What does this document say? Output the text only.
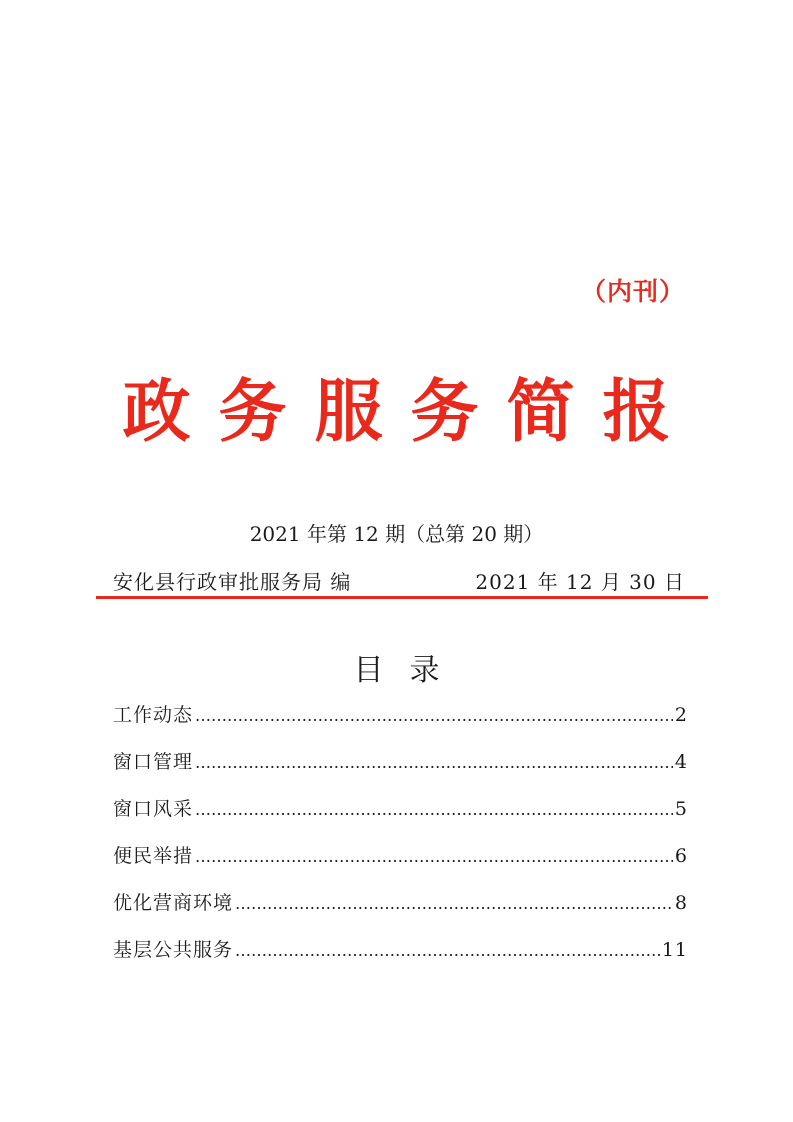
（内刊）
政务服务简报
2021 年第 12 期（总第 20 期）
安化县行政审批服务局 编	2021 年 12 月 30 日
目录
工作动态 ……………………………………………………………………………………………………………………………………………………………………	2
窗口管理 ……………………………………………………………………………………………………………………………………………………………………	4
窗口风采 ……………………………………………………………………………………………………………………………………………………………………	5
便民举措 ……………………………………………………………………………………………………………………………………………………………………	6
优化营商环境 ……………………………………………………………………………………………………………………………………………………………………	8
基层公共服务 ……………………………………………………………………………………………………………………………………………………………………	11
